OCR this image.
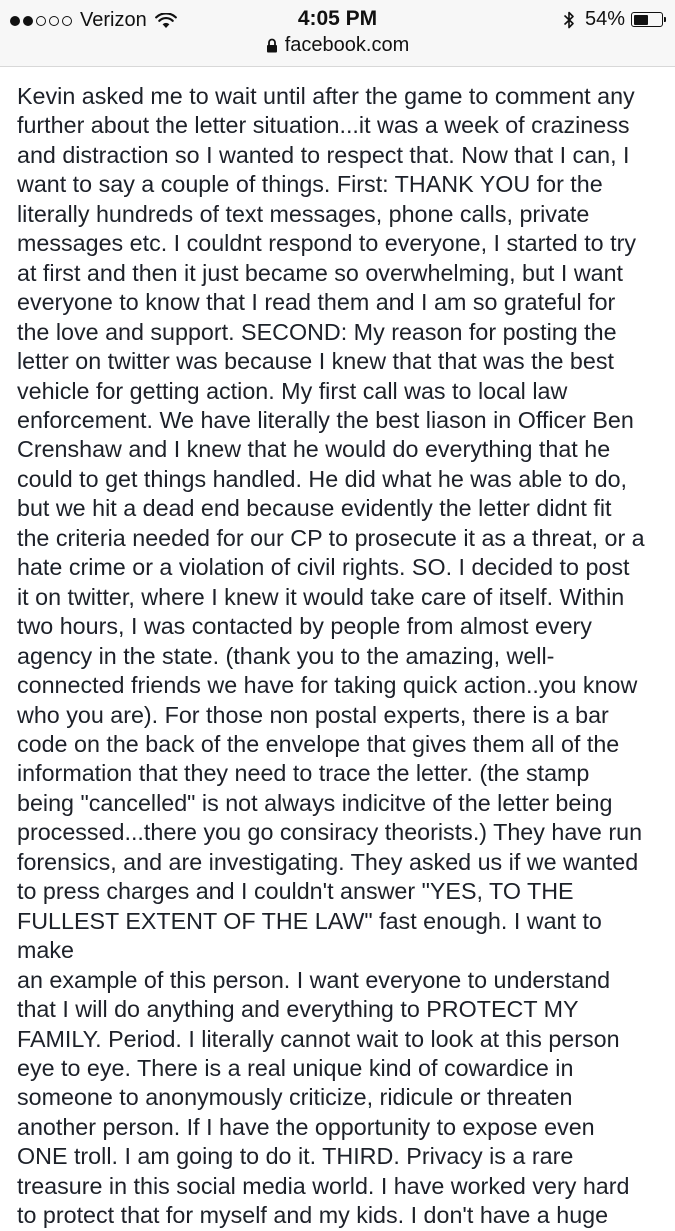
Verizon	4:05 PM	54%
facebook.com
Kevin asked me to wait until after the game to comment any
further about the letter situation...it was a week of craziness
and distraction so I wanted to respect that. Now that I can, I
want to say a couple of things. First: THANK YOU for the
literally hundreds of text messages, phone calls, private
messages etc. I couldnt respond to everyone, I started to try
at first and then it just became so overwhelming, but I want
everyone to know that I read them and I am so grateful for
the love and support. SECOND: My reason for posting the
letter on twitter was because I knew that that was the best
vehicle for getting action. My first call was to local law
enforcement. We have literally the best liason in Officer Ben
Crenshaw and I knew that he would do everything that he
could to get things handled. He did what he was able to do,
but we hit a dead end because evidently the letter didnt fit
the criteria needed for our CP to prosecute it as a threat, or a
hate crime or a violation of civil rights. SO. I decided to post
it on twitter, where I knew it would take care of itself. Within
two hours, I was contacted by people from almost every
agency in the state. (thank you to the amazing, well-
connected friends we have for taking quick action..you know
who you are). For those non postal experts, there is a bar
code on the back of the envelope that gives them all of the
information that they need to trace the letter. (the stamp
being "cancelled" is not always indicitve of the letter being
processed...there you go consiracy theorists.) They have run
forensics, and are investigating. They asked us if we wanted
to press charges and I couldn't answer "YES, TO THE
FULLEST EXTENT OF THE LAW" fast enough. I want to make
an example of this person. I want everyone to understand
that I will do anything and everything to PROTECT MY
FAMILY. Period. I literally cannot wait to look at this person
eye to eye. There is a real unique kind of cowardice in
someone to anonymously criticize, ridicule or threaten
another person. If I have the opportunity to expose even
ONE troll. I am going to do it. THIRD. Privacy is a rare
treasure in this social media world. I have worked very hard
to protect that for myself and my kids. I don't have a huge
